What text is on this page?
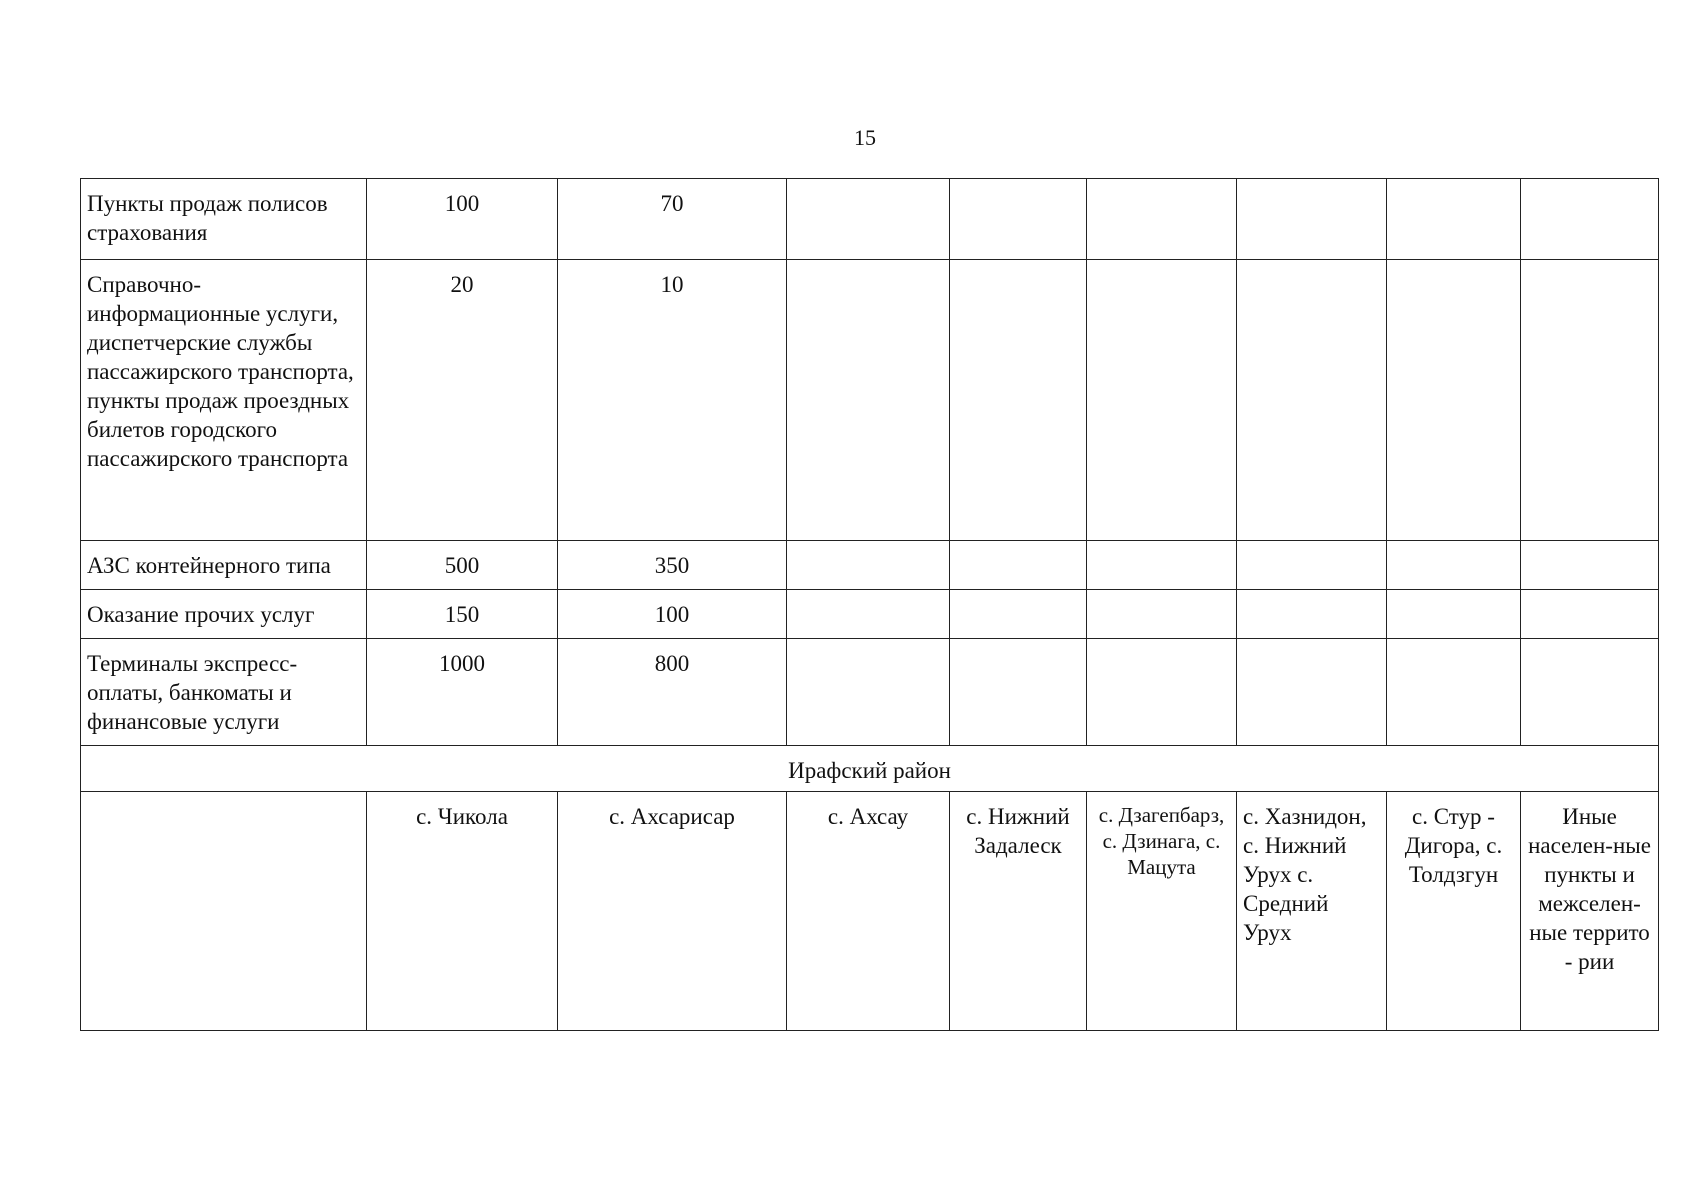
15
Пункты продаж полисов страхования	100	70						
Справочно-информационные услуги, диспетчерские службы пассажирского транспорта, пункты продаж проездных билетов городского пассажирского транспорта	20	10						
АЗС контейнерного типа	500	350						
Оказание прочих услуг	150	100						
Терминалы экспресс-оплаты, банкоматы и финансовые услуги	1000	800						
Ирафский район								
	с. Чикола	с. Ахсарисар	с. Ахсау	с. Нижний Задалеск	с. Дзагепбарз, с. Дзинага, с. Мацута	с. Хазнидон, с. Нижний Урух с. Средний Урух	с. Стур - Дигора, с. Толдзгун	Иные населен-ные пункты и межселен-ные террито - рии
